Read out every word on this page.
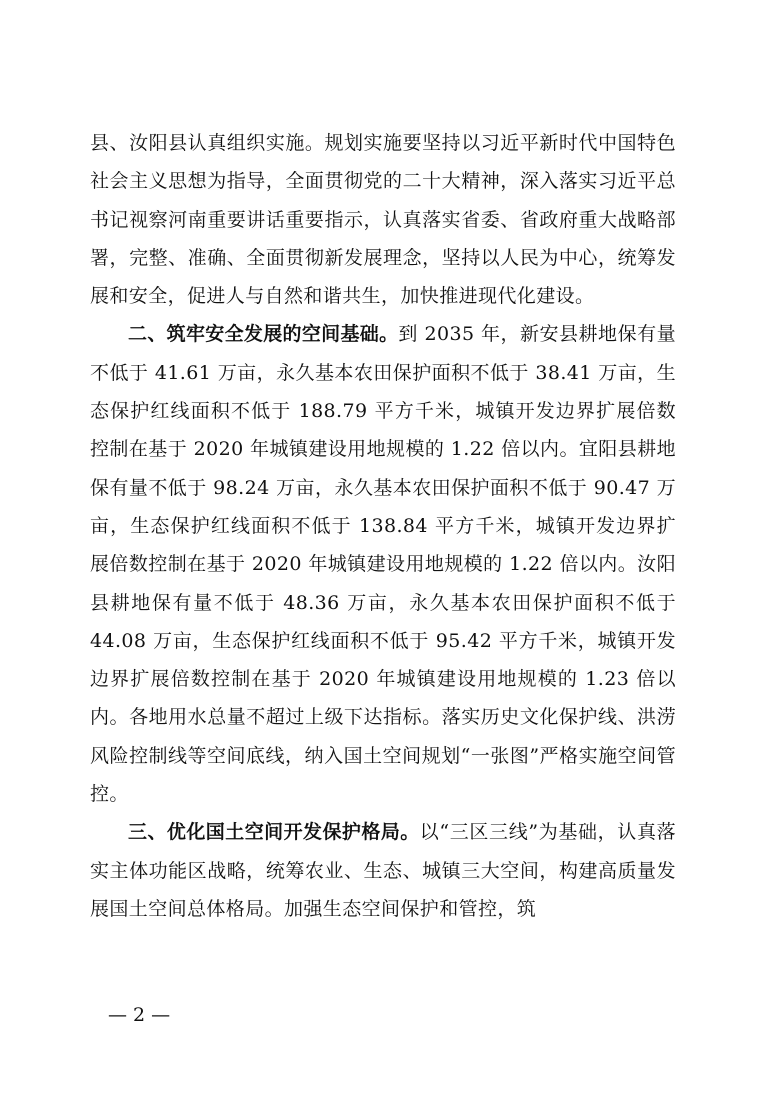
县、汝阳县认真组织实施。规划实施要坚持以习近平新时代中国特色社会主义思想为指导，全面贯彻党的二十大精神，深入落实习近平总书记视察河南重要讲话重要指示，认真落实省委、省政府重大战略部署，完整、准确、全面贯彻新发展理念，坚持以人民为中心，统筹发展和安全，促进人与自然和谐共生，加快推进现代化建设。

二、筑牢安全发展的空间基础。到 2035 年，新安县耕地保有量不低于 41.61 万亩，永久基本农田保护面积不低于 38.41 万亩，生态保护红线面积不低于 188.79 平方千米，城镇开发边界扩展倍数控制在基于 2020 年城镇建设用地规模的 1.22 倍以内。宜阳县耕地保有量不低于 98.24 万亩，永久基本农田保护面积不低于 90.47 万亩，生态保护红线面积不低于 138.84 平方千米，城镇开发边界扩展倍数控制在基于 2020 年城镇建设用地规模的 1.22 倍以内。汝阳县耕地保有量不低于 48.36 万亩，永久基本农田保护面积不低于 44.08 万亩，生态保护红线面积不低于 95.42 平方千米，城镇开发边界扩展倍数控制在基于 2020 年城镇建设用地规模的 1.23 倍以内。各地用水总量不超过上级下达指标。落实历史文化保护线、洪涝风险控制线等空间底线，纳入国土空间规划“一张图”严格实施空间管控。

三、优化国土空间开发保护格局。以“三区三线”为基础，认真落实主体功能区战略，统筹农业、生态、城镇三大空间，构建高质量发展国土空间总体格局。加强生态空间保护和管控，筑

— 2 —
